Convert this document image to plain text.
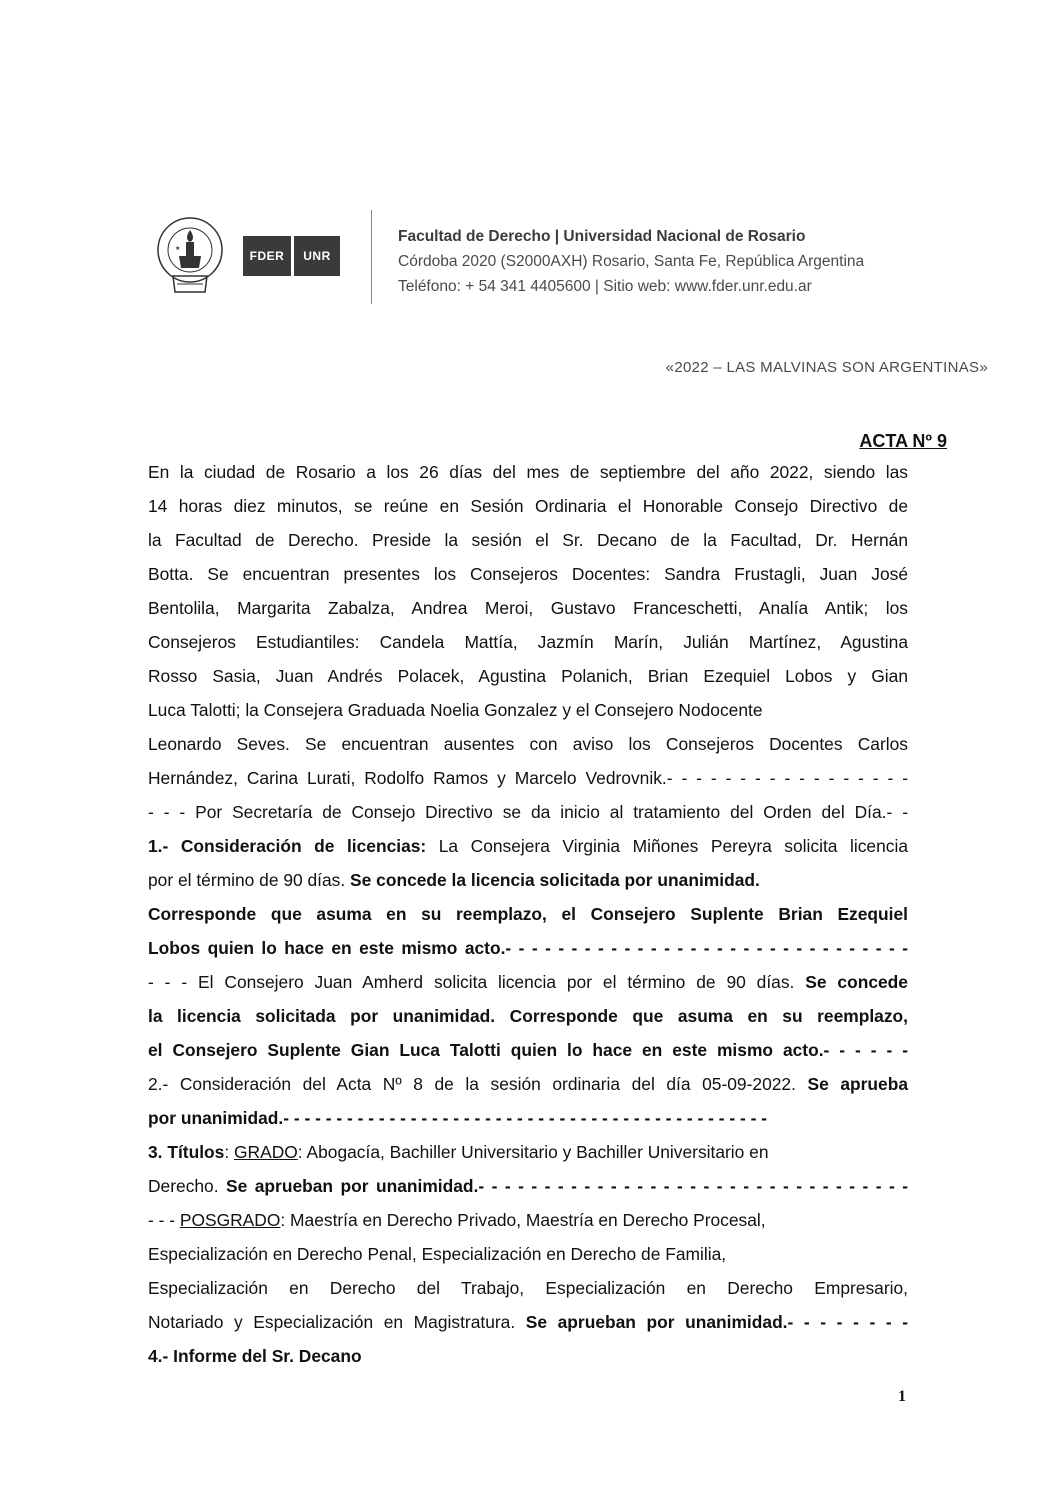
★
FDER	UNR
Facultad de Derecho | Universidad Nacional de Rosario
Córdoba 2020 (S2000AXH) Rosario, Santa Fe, República Argentina
Teléfono: + 54 341 4405600 | Sitio web: www.fder.unr.edu.ar
«2022 – LAS MALVINAS SON ARGENTINAS»
ACTA Nº 9
En la ciudad de Rosario a los 26 días del mes de septiembre del año 2022, siendo las
14 horas diez minutos, se reúne en Sesión Ordinaria el Honorable Consejo Directivo de
la Facultad de Derecho. Preside la sesión el Sr. Decano de la Facultad, Dr. Hernán
Botta. Se encuentran presentes los Consejeros Docentes: Sandra Frustagli, Juan José
Bentolila, Margarita Zabalza, Andrea Meroi, Gustavo Franceschetti, Analía Antik; los
Consejeros Estudiantiles: Candela Mattía, Jazmín Marín, Julián Martínez, Agustina
Rosso Sasia, Juan Andrés Polacek, Agustina Polanich, Brian Ezequiel Lobos y Gian
Luca Talotti; la Consejera Graduada Noelia Gonzalez y el Consejero Nodocente
Leonardo Seves. Se encuentran ausentes con aviso los Consejeros Docentes Carlos
Hernández, Carina Lurati, Rodolfo Ramos y Marcelo Vedrovnik.- - - - - - - - - - - - - - - - -
- - - Por Secretaría de Consejo Directivo se da inicio al tratamiento del Orden del Día.- -
1.- Consideración de licencias: La Consejera Virginia Miñones Pereyra solicita licencia
por el término de 90 días. Se concede la licencia solicitada por unanimidad.
Corresponde que asuma en su reemplazo, el Consejero Suplente Brian Ezequiel
Lobos quien lo hace en este mismo acto.- - - - - - - - - - - - - - - - - - - - - - - - - - - - - - -
- - - El Consejero Juan Amherd solicita licencia por el término de 90 días. Se concede
la licencia solicitada por unanimidad. Corresponde que asuma en su reemplazo,
el Consejero Suplente Gian Luca Talotti quien lo hace en este mismo acto.- - - - - -
2.- Consideración del Acta Nº 8 de la sesión ordinaria del día 05-09-2022. Se aprueba
por unanimidad.- - - - - - - - - - - - - - - - - - - - - - - - - - - - - - - - - - - - - - - - - - - - - -
3. Títulos: GRADO: Abogacía, Bachiller Universitario y Bachiller Universitario en
Derecho. Se aprueban por unanimidad.- - - - - - - - - - - - - - - - - - - - - - - - - - - - - - - - -
- - - POSGRADO: Maestría en Derecho Privado, Maestría en Derecho Procesal,
Especialización en Derecho Penal, Especialización en Derecho de Familia,
Especialización en Derecho del Trabajo, Especialización en Derecho Empresario,
Notariado y Especialización en Magistratura. Se aprueban por unanimidad.- - - - - - - -
4.- Informe del Sr. Decano
1
